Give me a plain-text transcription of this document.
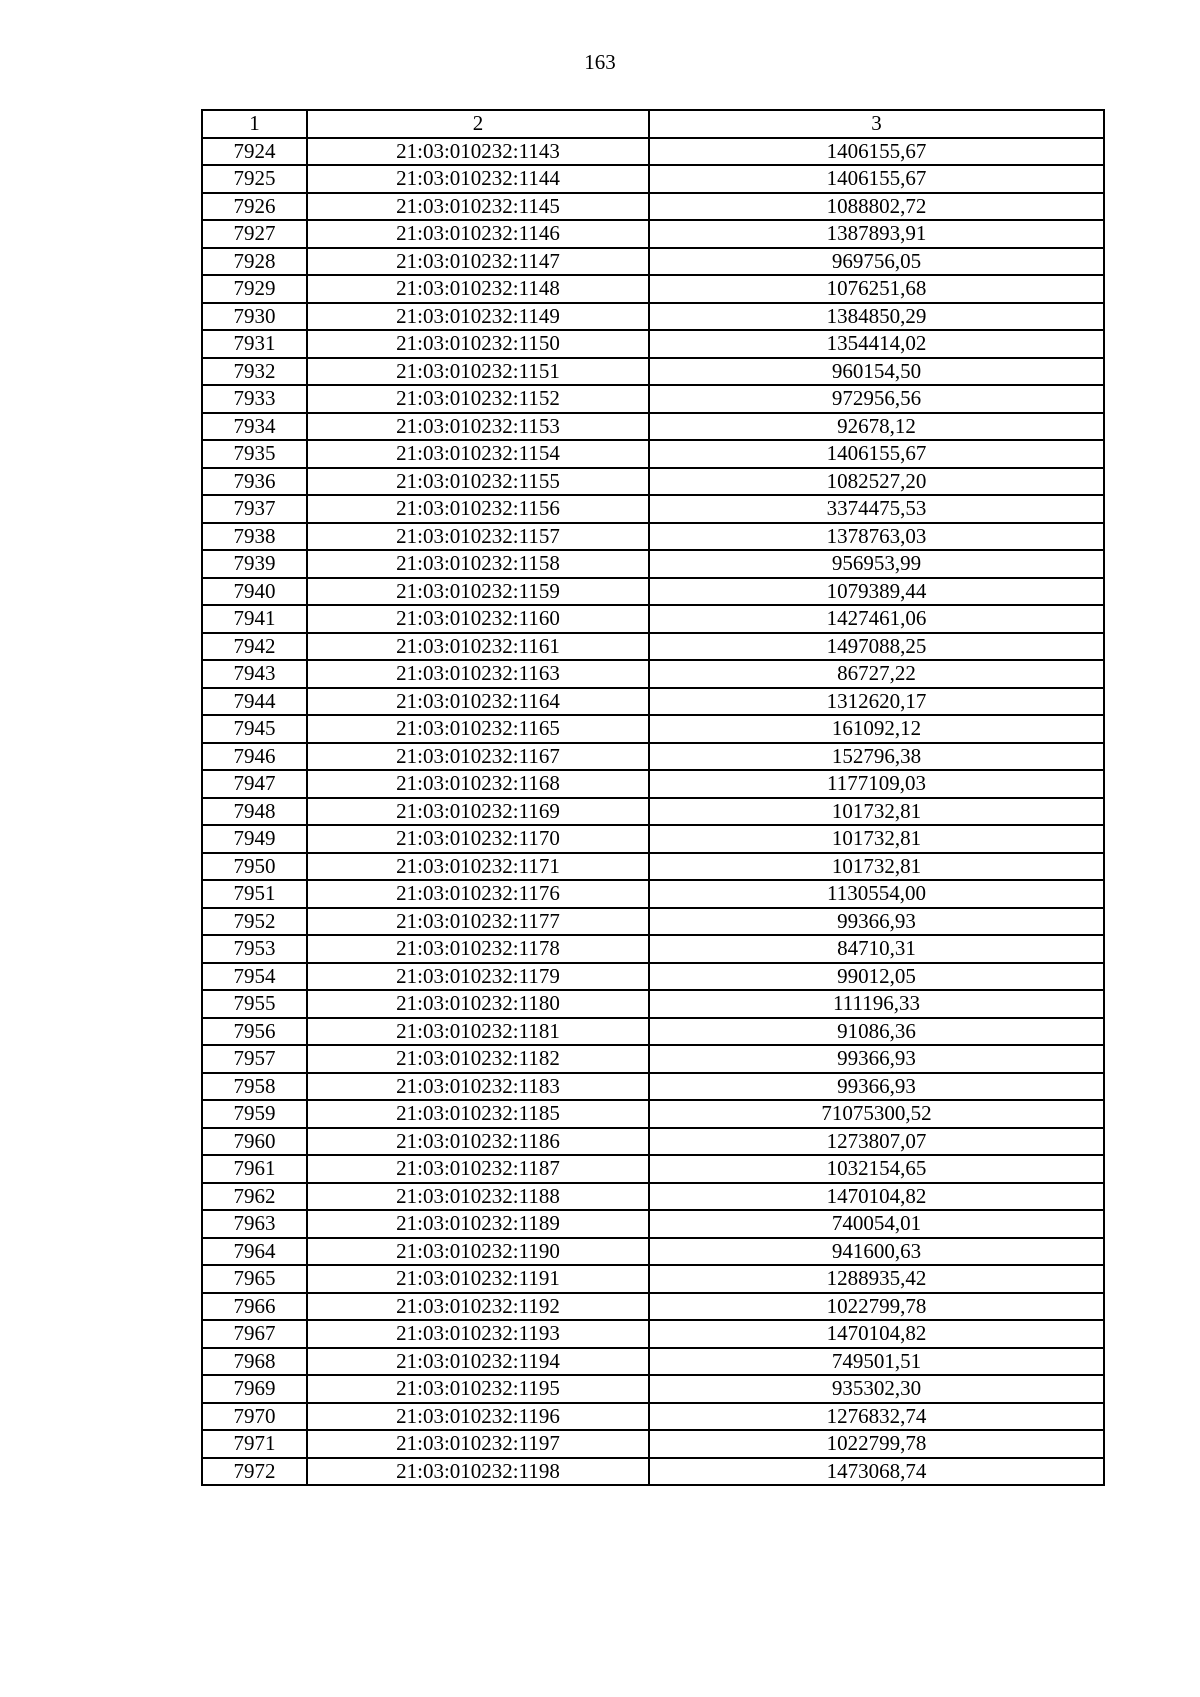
163
1	2	3
7924	21:03:010232:1143	1406155,67
7925	21:03:010232:1144	1406155,67
7926	21:03:010232:1145	1088802,72
7927	21:03:010232:1146	1387893,91
7928	21:03:010232:1147	969756,05
7929	21:03:010232:1148	1076251,68
7930	21:03:010232:1149	1384850,29
7931	21:03:010232:1150	1354414,02
7932	21:03:010232:1151	960154,50
7933	21:03:010232:1152	972956,56
7934	21:03:010232:1153	92678,12
7935	21:03:010232:1154	1406155,67
7936	21:03:010232:1155	1082527,20
7937	21:03:010232:1156	3374475,53
7938	21:03:010232:1157	1378763,03
7939	21:03:010232:1158	956953,99
7940	21:03:010232:1159	1079389,44
7941	21:03:010232:1160	1427461,06
7942	21:03:010232:1161	1497088,25
7943	21:03:010232:1163	86727,22
7944	21:03:010232:1164	1312620,17
7945	21:03:010232:1165	161092,12
7946	21:03:010232:1167	152796,38
7947	21:03:010232:1168	1177109,03
7948	21:03:010232:1169	101732,81
7949	21:03:010232:1170	101732,81
7950	21:03:010232:1171	101732,81
7951	21:03:010232:1176	1130554,00
7952	21:03:010232:1177	99366,93
7953	21:03:010232:1178	84710,31
7954	21:03:010232:1179	99012,05
7955	21:03:010232:1180	111196,33
7956	21:03:010232:1181	91086,36
7957	21:03:010232:1182	99366,93
7958	21:03:010232:1183	99366,93
7959	21:03:010232:1185	71075300,52
7960	21:03:010232:1186	1273807,07
7961	21:03:010232:1187	1032154,65
7962	21:03:010232:1188	1470104,82
7963	21:03:010232:1189	740054,01
7964	21:03:010232:1190	941600,63
7965	21:03:010232:1191	1288935,42
7966	21:03:010232:1192	1022799,78
7967	21:03:010232:1193	1470104,82
7968	21:03:010232:1194	749501,51
7969	21:03:010232:1195	935302,30
7970	21:03:010232:1196	1276832,74
7971	21:03:010232:1197	1022799,78
7972	21:03:010232:1198	1473068,74
